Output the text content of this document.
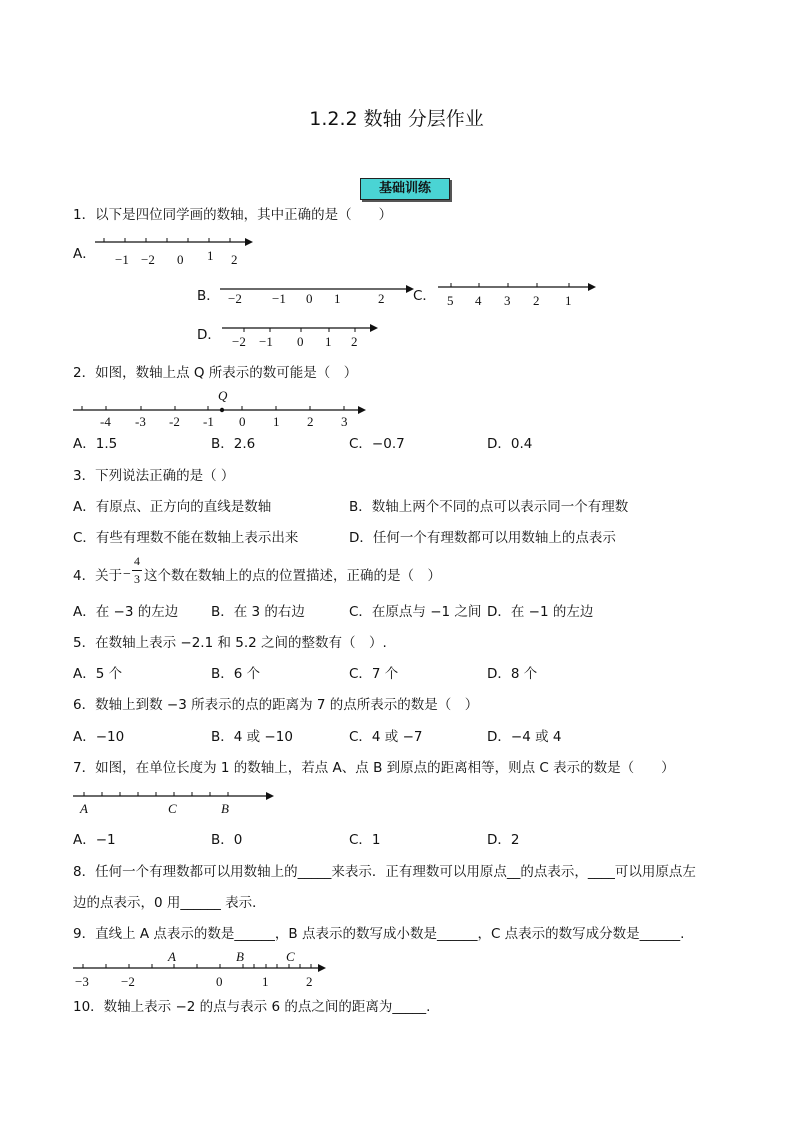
1.2.2 数轴 分层作业
基础训练
1．以下是四位同学画的数轴，其中正确的是（　　）
A． −1 −2 0 1 2
B． −2 −1 0 1	2 C． 5 4 3 2 1
D． −2 −1 0 1 2
2．如图，数轴上点 Q 所表示的数可能是（　）
Q
-4 -3 -2 -1 0 1 2 3
A．1.5	B．2.6	C．−0.7	D．0.4
3．下列说法正确的是（ ）
A．有原点、正方向的直线是数轴	B．数轴上两个不同的点可以表示同一个有理数
C．有些有理数不能在数轴上表示出来	D．任何一个有理数都可以用数轴上的点表示
4．关于 −
4
3 这个数在数轴上的点的位置描述，正确的是（　）
A．在 −3 的左边 B．在 3 的右边	C．在原点与 −1 之间 D．在 −1 的左边
5．在数轴上表示 −2.1 和 5.2 之间的整数有（　）.
A．5 个	B．6 个	C．7 个	D．8 个
6．数轴上到数 −3 所表示的点的距离为 7 的点所表示的数是（　）
A．−10	B．4 或 −10	C．4 或 −7	D．−4 或 4
7．如图，在单位长度为 1 的数轴上，若点 A、点 B 到原点的距离相等，则点 C 表示的数是（　　）
A	C	B
A．−1	B．0	C．1	D．2
8．任何一个有理数都可以用数轴上的_____来表示．正有理数可以用原点__的点表示，____可以用原点左
边的点表示，0 用______ 表示．
9．直线上 A 点表示的数是______，B 点表示的数写成小数是______，C 点表示的数写成分数是______.
A	B	C
−3 −2	0	1	2
10．数轴上表示 −2 的点与表示 6 的点之间的距离为_____.
